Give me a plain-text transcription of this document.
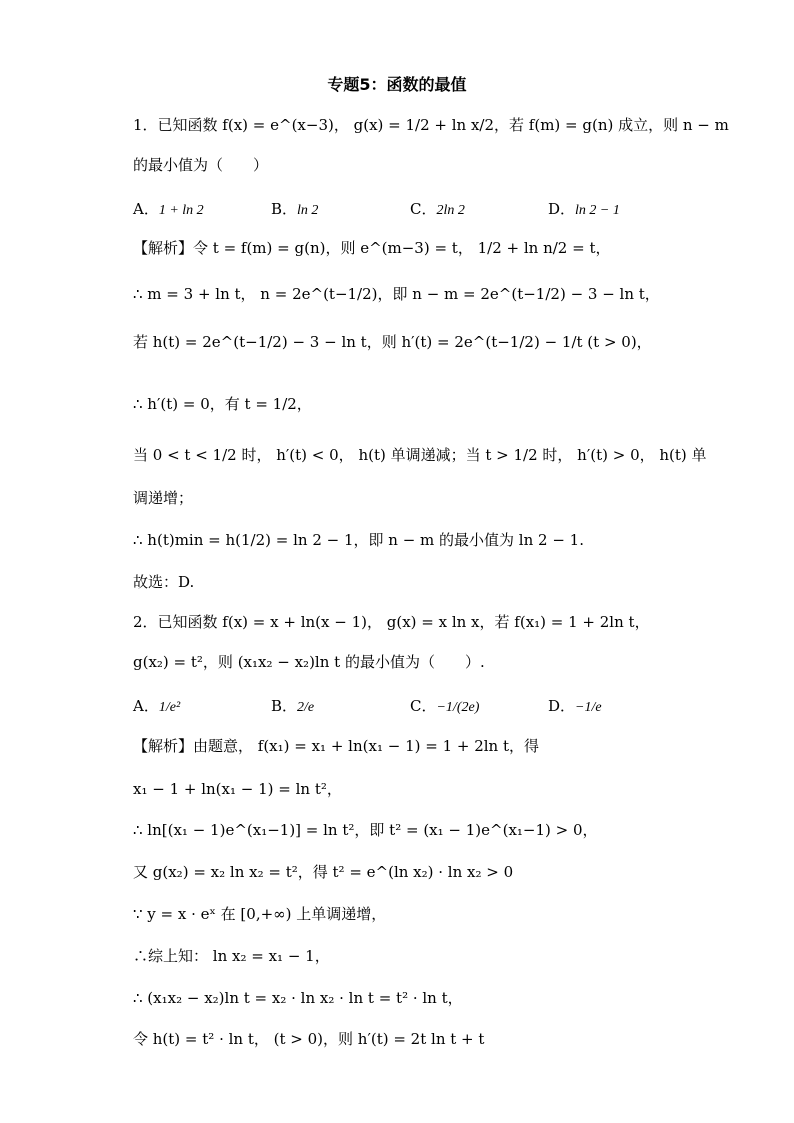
专题5：函数的最值
1．已知函数 f(x) = e^(x−3)， g(x) = 1/2 + ln x/2，若 f(m) = g(n) 成立，则 n − m
的最小值为（　　）
A．1 + ln 2	B．ln 2	C．2ln 2	D．ln 2 − 1
【解析】令 t = f(m) = g(n)，则 e^(m−3) = t， 1/2 + ln n/2 = t，
∴ m = 3 + ln t， n = 2e^(t−1/2)，即 n − m = 2e^(t−1/2) − 3 − ln t，
若 h(t) = 2e^(t−1/2) − 3 − ln t，则 h′(t) = 2e^(t−1/2) − 1/t (t > 0)，
∴ h′(t) = 0，有 t = 1/2，
当 0 < t < 1/2 时， h′(t) < 0， h(t) 单调递减；当 t > 1/2 时， h′(t) > 0， h(t) 单
调递增；
∴ h(t)min = h(1/2) = ln 2 − 1，即 n − m 的最小值为 ln 2 − 1.
故选：D.
2．已知函数 f(x) = x + ln(x − 1)， g(x) = x ln x，若 f(x₁) = 1 + 2ln t，
g(x₂) = t²，则 (x₁x₂ − x₂)ln t 的最小值为（　　）.
A．1/e²	B．2/e	C．−1/(2e)	D．−1/e
【解析】由题意， f(x₁) = x₁ + ln(x₁ − 1) = 1 + 2ln t，得
x₁ − 1 + ln(x₁ − 1) = ln t²，
∴ ln[(x₁ − 1)e^(x₁−1)] = ln t²，即 t² = (x₁ − 1)e^(x₁−1) > 0，
又 g(x₂) = x₂ ln x₂ = t²，得 t² = e^(ln x₂) · ln x₂ > 0
∵ y = x · eˣ 在 [0,+∞) 上单调递增，
∴综上知： ln x₂ = x₁ − 1，
∴ (x₁x₂ − x₂)ln t = x₂ · ln x₂ · ln t = t² · ln t，
令 h(t) = t² · ln t， (t > 0)，则 h′(t) = 2t ln t + t
